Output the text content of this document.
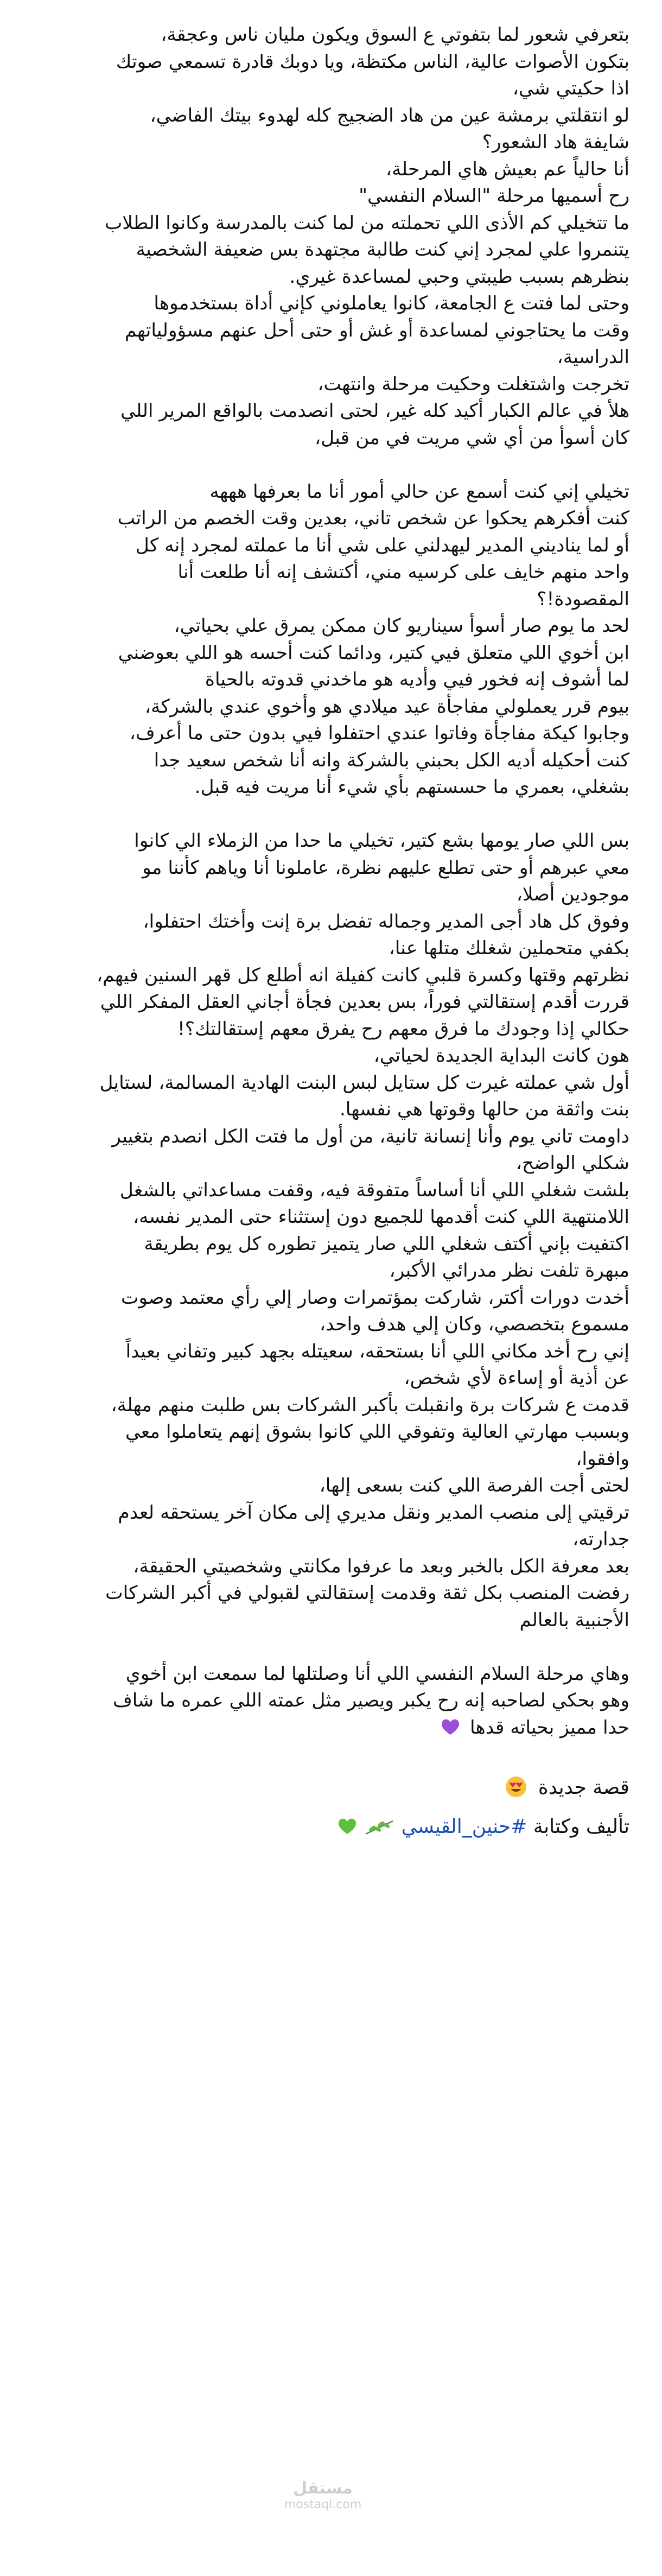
بتعرفي شعور لما بتفوتي ع السوق ويكون مليان ناس وعجقة،
بتكون الأصوات عالية، الناس مكتظة، ويا دوبك قادرة تسمعي صوتك
اذا حكيتي شي،
لو انتقلتي برمشة عين من هاد الضجيج كله لهدوء بيتك الفاضي،
شايفة هاد الشعور؟
أنا حالياً عم بعيش هاي المرحلة،
رح أسميها مرحلة "السلام النفسي"
ما تتخيلي كم الأذى اللي تحملته من لما كنت بالمدرسة وكانوا الطلاب
يتنمروا علي لمجرد إني كنت طالبة مجتهدة بس ضعيفة الشخصية
بنظرهم بسبب طيبتي وحبي لمساعدة غيري.
وحتى لما فتت ع الجامعة، كانوا يعاملوني كإني أداة بستخدموها
وقت ما يحتاجوني لمساعدة أو غش أو حتى أحل عنهم مسؤولياتهم
الدراسية،
تخرجت واشتغلت وحكيت مرحلة وانتهت،
هلأ في عالم الكبار أكيد كله غير، لحتى انصدمت بالواقع المرير اللي
كان أسوأ من أي شي مريت في من قبل،
تخيلي إني كنت أسمع عن حالي أمور أنا ما بعرفها هههه
كنت أفكرهم يحكوا عن شخص تاني، بعدين وقت الخصم من الراتب
أو لما يناديني المدير ليهدلني على شي أنا ما عملته لمجرد إنه كل
واحد منهم خايف على كرسيه مني، أكتشف إنه أنا طلعت أنا
المقصودة!؟
لحد ما يوم صار أسوأ سيناريو كان ممكن يمرق علي بحياتي،
ابن أخوي اللي متعلق فيي كتير، ودائما كنت أحسه هو اللي بعوضني
لما أشوف إنه فخور فيي وأديه هو ماخدني قدوته بالحياة
بيوم قرر يعملولي مفاجأة عيد ميلادي هو وأخوي عندي بالشركة،
وجابوا كيكة مفاجأة وفاتوا عندي احتفلوا فيي بدون حتى ما أعرف،
كنت أحكيله أديه الكل بحبني بالشركة وانه أنا شخص سعيد جدا
بشغلي، بعمري ما حسستهم بأي شيء أنا مريت فيه قبل.
بس اللي صار يومها بشع كتير، تخيلي ما حدا من الزملاء الي كانوا
معي عبرهم أو حتى تطلع عليهم نظرة، عاملونا أنا وياهم كأننا مو
موجودين أصلا،
وفوق كل هاد أجى المدير وجماله تفضل برة إنت وأختك احتفلوا،
بكفي متحملين شغلك متلها عنا،
نظرتهم وقتها وكسرة قلبي كانت كفيلة انه أطلع كل قهر السنين فيهم،
قررت أقدم إستقالتي فوراً، بس بعدين فجأة أجاني العقل المفكر اللي
حكالي إذا وجودك ما فرق معهم رح يفرق معهم إستقالتك؟!
هون كانت البداية الجديدة لحياتي،
أول شي عملته غيرت كل ستايل لبس البنت الهادية المسالمة، لستايل
بنت واثقة من حالها وقوتها هي نفسها.
داومت تاني يوم وأنا إنسانة تانية، من أول ما فتت الكل انصدم بتغيير
شكلي الواضح،
بلشت شغلي اللي أنا أساساً متفوقة فيه، وقفت مساعداتي بالشغل
اللامنتهية اللي كنت أقدمها للجميع دون إستثناء حتى المدير نفسه،
اكتفيت بإني أكتف شغلي اللي صار يتميز تطوره كل يوم بطريقة
مبهرة تلفت نظر مدرائي الأكبر،
أخدت دورات أكتر، شاركت بمؤتمرات وصار إلي رأي معتمد وصوت
مسموع بتخصصي، وكان إلي هدف واحد،
إني رح أخد مكاني اللي أنا بستحقه، سعيتله بجهد كبير وتفاني بعيداً
عن أذية أو إساءة لأي شخص،
قدمت ع شركات برة وانقبلت بأكبر الشركات بس طلبت منهم مهلة،
وبسبب مهارتي العالية وتفوقي اللي كانوا بشوق إنهم يتعاملوا معي
وافقوا،
لحتى أجت الفرصة اللي كنت بسعى إلها،
ترقيتي إلى منصب المدير ونقل مديري إلى مكان آخر يستحقه لعدم
جدارته،
بعد معرفة الكل بالخبر وبعد ما عرفوا مكانتي وشخصيتي الحقيقة،
رفضت المنصب بكل ثقة وقدمت إستقالتي لقبولي في أكبر الشركات
الأجنبية بالعالم
وهاي مرحلة السلام النفسي اللي أنا وصلتلها لما سمعت ابن أخوي
وهو بحكي لصاحبه إنه رح يكبر ويصير مثل عمته اللي عمره ما شاف
حدا مميز بحياته قدها
قصة جديدة
تأليف وكتابة #حنين_القيسي
مستقل
mostaql.com
